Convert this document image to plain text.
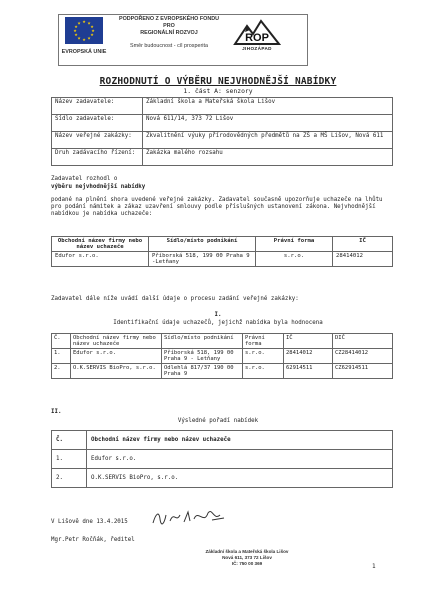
★ ★
★
★
★
★
★
★
★
★
★
★
EVROPSKÁ UNIE
PODPOŘENO Z EVROPSKÉHO FONDU
PRO
REGIONÁLNÍ ROZVOJ
Směr budoucnost - cíl prosperita
ROP
JIHOZÁPAD
ROZHODNUTÍ O VÝBĚRU NEJVHODNĚJŠÍ NABÍDKY
1. část A: senzory
Název zadavatele:	Základní škola a Mateřská škola Lišov
Sídlo zadavatele:	Nová 611/14, 373 72 Lišov
Název veřejné zakázky:	Zkvalitnění výuky přírodovědných předmětů na ZŠ a MŠ Lišov, Nová 611
Druh zadávacího řízení:	Zakázka malého rozsahu
Zadavatel rozhodl o
výběru nejvhodnější nabídky
podané na plnění shora uvedené veřejné zakázky. Zadavatel současně upozorňuje uchazeče na lhůtu pro podání námitek a zákaz uzavření smlouvy podle příslušných ustanovení zákona. Nejvhodnější nabídkou je nabídka uchazeče:
Obchodní název firmy nebo název uchazeče	Sídlo/místo podnikání	Právní forma	IČ
Edufor s.r.o.	Příborská 518, 199 00 Praha 9 -Letňany	s.r.o.	28414012
Zadavatel dále níže uvádí další údaje o procesu zadání veřejné zakázky:
I.
Identifikační údaje uchazečů, jejichž nabídka byla hodnocena
Č.	Obchodní název firmy nebo název uchazeče	Sídlo/místo podnikání	Právní forma	IČ	DIČ
1.	Edufor s.r.o.	Příborská 518, 199 00 Praha 9 - Letňany	s.r.o.	28414012	CZ28414012
2.	O.K.SERVIS BioPro, s.r.o.	Odlehlá 817/37 190 00 Praha 9	s.r.o.	62914511	CZ62914511
II.
Výsledné pořadí nabídek
Č.	Obchodní název firmy nebo název uchazeče
1.	Edufor s.r.o.
2.	O.K.SERVIS BioPro, s.r.o.
V Lišově dne 13.4.2015
Mgr.Petr Ročňák, ředitel
Základní škola a Mateřská škola Lišov
Nová 611, 373 72 Lišov
IČ: 750 00 369	1
